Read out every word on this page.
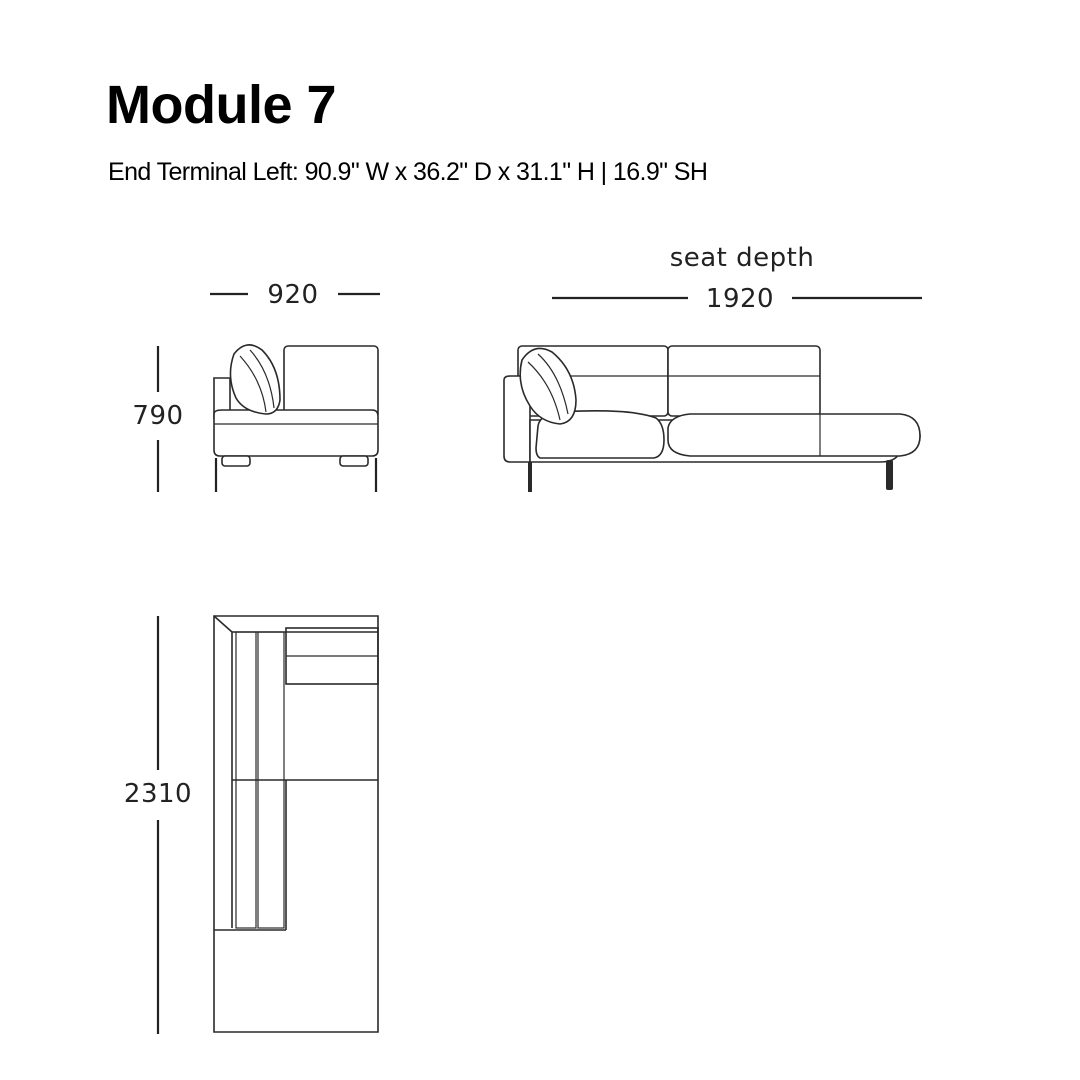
Module 7

End Terminal Left: 90.9" W x 36.2" D x 31.1" H | 16.9" SH

920
790
seat depth
1920
2310
